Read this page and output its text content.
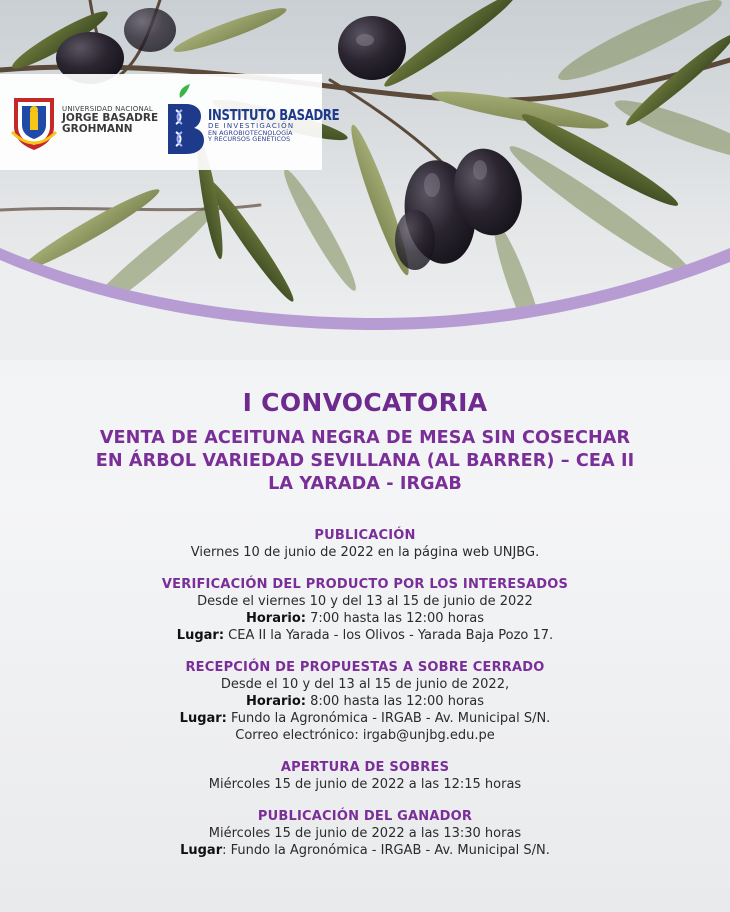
UNIVERSIDAD NACIONAL
JORGE BASADRE
GROHMANN
INSTITUTO BASADRE
DE INVESTIGACIÓN
EN AGROBIOTECNOLOGÍA
Y RECURSOS GENÉTICOS
I CONVOCATORIA
VENTA DE ACEITUNA NEGRA DE MESA SIN COSECHAR
EN ÁRBOL VARIEDAD SEVILLANA (AL BARRER) – CEA II
LA YARADA - IRGAB
PUBLICACIÓN
Viernes 10 de junio de 2022 en la página web UNJBG.
VERIFICACIÓN DEL PRODUCTO POR LOS INTERESADOS
Desde el viernes 10 y del 13 al 15 de junio de 2022
Horario: 7:00 hasta las 12:00 horas
Lugar: CEA II la Yarada - los Olivos - Yarada Baja Pozo 17.
RECEPCIÓN DE PROPUESTAS A SOBRE CERRADO
Desde el 10 y del 13 al 15 de junio de 2022,
Horario: 8:00 hasta las 12:00 horas
Lugar: Fundo la Agronómica - IRGAB - Av. Municipal S/N.
Correo electrónico: irgab@unjbg.edu.pe
APERTURA DE SOBRES
Miércoles 15 de junio de 2022 a las 12:15 horas
PUBLICACIÓN DEL GANADOR
Miércoles 15 de junio de 2022 a las 13:30 horas
Lugar: Fundo la Agronómica - IRGAB - Av. Municipal S/N.
